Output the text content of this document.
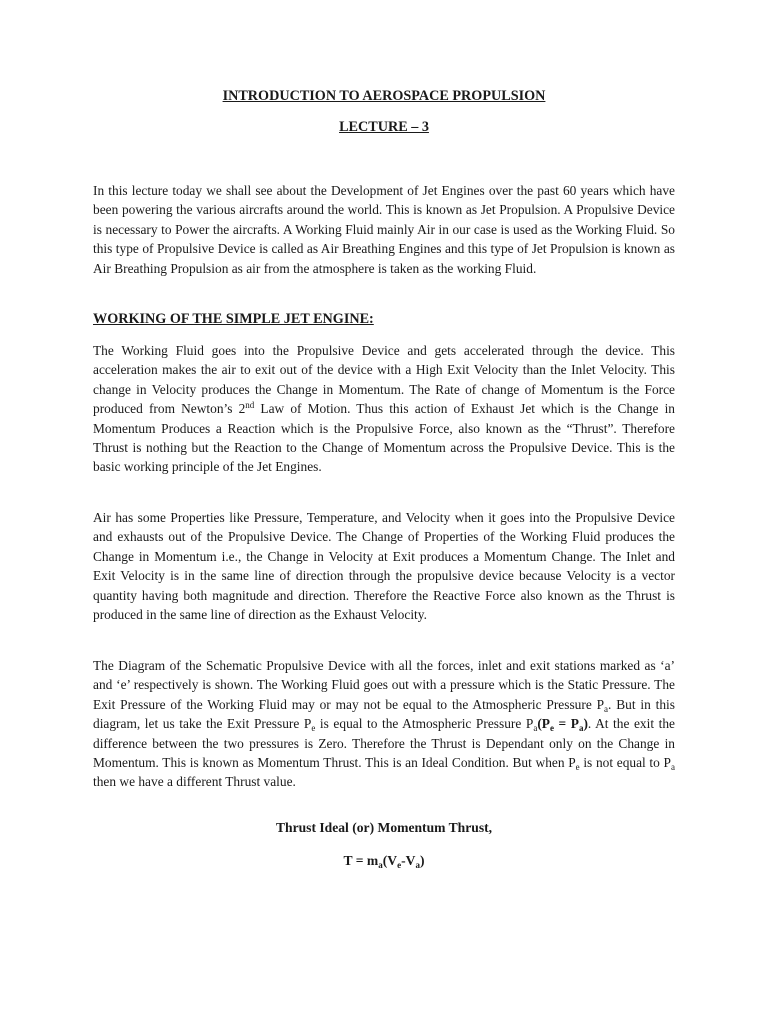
INTRODUCTION TO AEROSPACE PROPULSION
LECTURE – 3

In this lecture today we shall see about the Development of Jet Engines over the past 60 years which have been powering the various aircrafts around the world. This is known as Jet Propulsion. A Propulsive Device is necessary to Power the aircrafts. A Working Fluid mainly Air in our case is used as the Working Fluid. So this type of Propulsive Device is called as Air Breathing Engines and this type of Jet Propulsion is known as Air Breathing Propulsion as air from the atmosphere is taken as the working Fluid.

WORKING OF THE SIMPLE JET ENGINE:

The Working Fluid goes into the Propulsive Device and gets accelerated through the device. This acceleration makes the air to exit out of the device with a High Exit Velocity than the Inlet Velocity. This change in Velocity produces the Change in Momentum. The Rate of change of Momentum is the Force produced from Newton’s 2nd Law of Motion. Thus this action of Exhaust Jet which is the Change in Momentum Produces a Reaction which is the Propulsive Force, also known as the “Thrust”. Therefore Thrust is nothing but the Reaction to the Change of Momentum across the Propulsive Device. This is the basic working principle of the Jet Engines.

Air has some Properties like Pressure, Temperature, and Velocity when it goes into the Propulsive Device and exhausts out of the Propulsive Device. The Change of Properties of the Working Fluid produces the Change in Momentum i.e., the Change in Velocity at Exit produces a Momentum Change. The Inlet and Exit Velocity is in the same line of direction through the propulsive device because Velocity is a vector quantity having both magnitude and direction. Therefore the Reactive Force also known as the Thrust is produced in the same line of direction as the Exhaust Velocity.

The Diagram of the Schematic Propulsive Device with all the forces, inlet and exit stations marked as ‘a’ and ‘e’ respectively is shown. The Working Fluid goes out with a pressure which is the Static Pressure. The Exit Pressure of the Working Fluid may or may not be equal to the Atmospheric Pressure $P_a$. But in this diagram, let us take the Exit Pressure $P_e$ is equal to the Atmospheric Pressure $P_a(P_e = P_a)$. At the exit the difference between the two pressures is Zero. Therefore the Thrust is Dependant only on the Change in Momentum. This is known as Momentum Thrust. This is an Ideal Condition. But when $P_e$ is not equal to $P_a$ then we have a different Thrust value.

Thrust Ideal (or) Momentum Thrust,
$T = m_a(V_e-V_a)$
